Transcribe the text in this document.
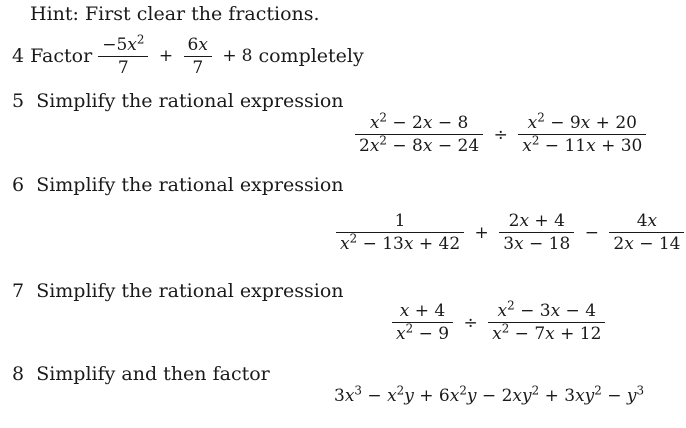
Hint: First clear the fractions.
4
Factor
$\frac{-5x^2}{7} + \frac{6x}{7} + 8$
completely
5 Simplify the rational expression
$\frac{x^2 - 2x - 8}{2x^2 - 8x - 24} \div \frac{x^2 - 9x + 20}{x^2 - 11x + 30}$
6 Simplify the rational expression
$\frac{1}{x^2 - 13x + 42} + \frac{2x + 4}{3x - 18} - \frac{4x}{2x - 14}$
7 Simplify the rational expression
$\frac{x + 4}{x^2 - 9} \div \frac{x^2 - 3x - 4}{x^2 - 7x + 12}$
8 Simplify and then factor
$3x^3 - x^2y + 6x^2y - 2xy^2 + 3xy^2 - y^3$
